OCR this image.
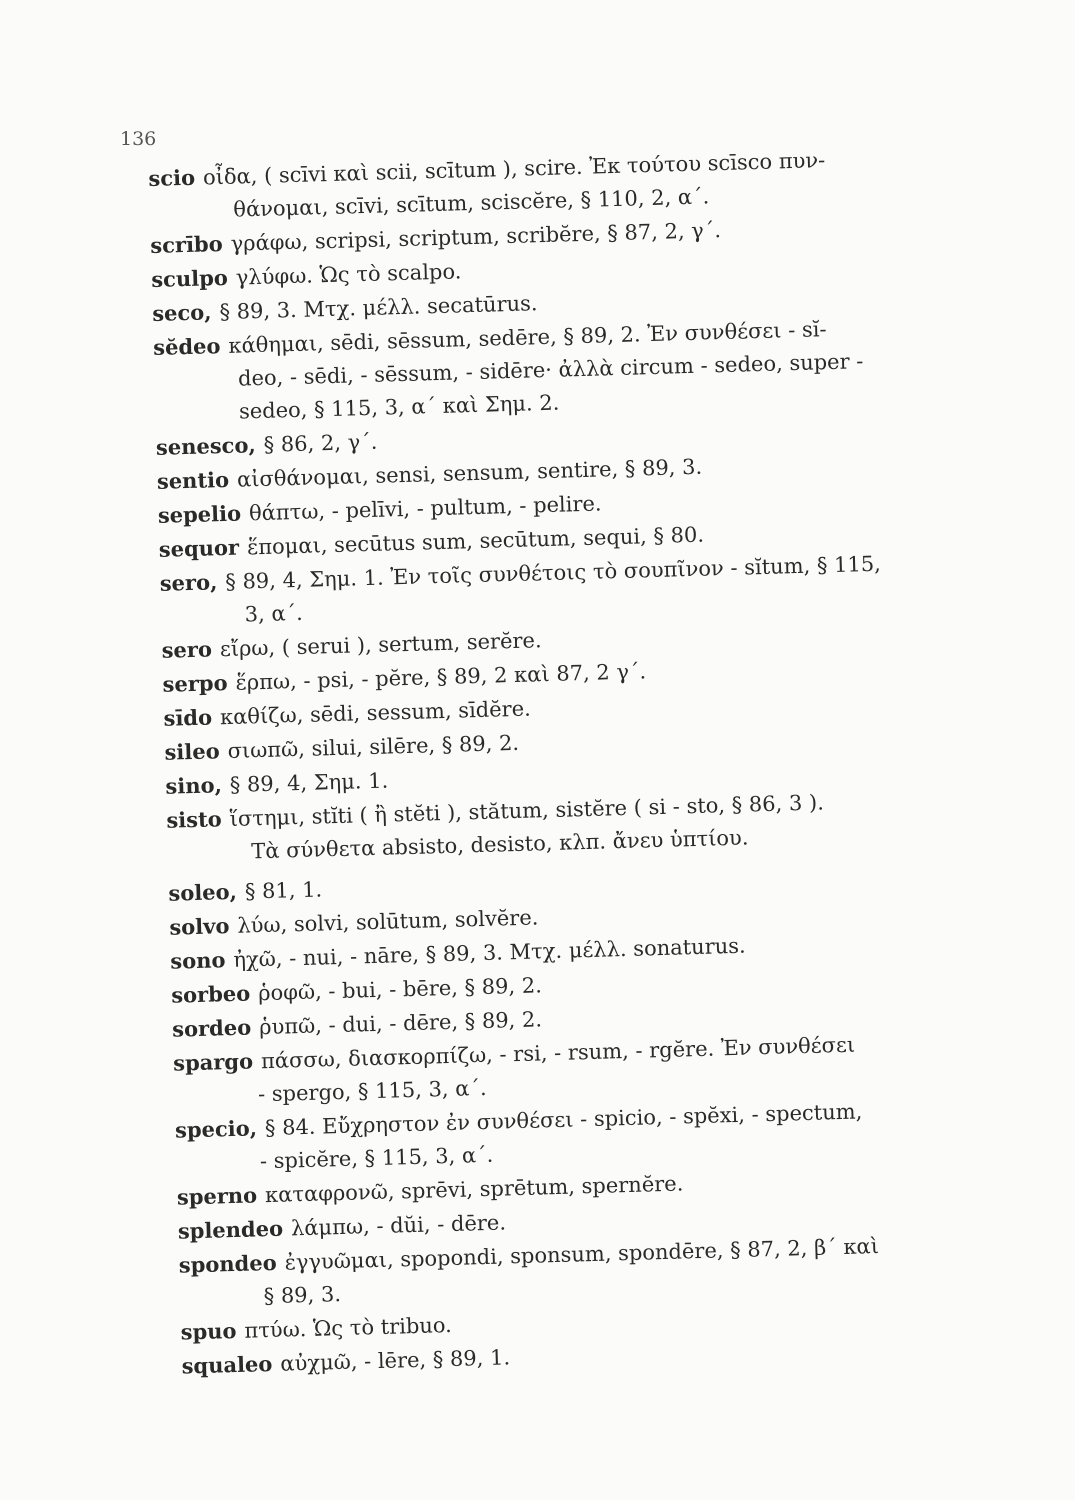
136
scio οἶδα, ( scīvi καὶ scii, scītum ), scire. Ἐκ τούτου scīsco πυν-
θάνομαι, scīvi, scītum, sciscĕre, § 110, 2, α΄.
scrībo γράφω, scripsi, scriptum, scribĕre, § 87, 2, γ΄.
sculpo γλύφω. Ὡς τὸ scalpo.
seco, § 89, 3. Μτχ. μέλλ. secatūrus.
sĕdeo κάθημαι, sēdi, sēssum, sedēre, § 89, 2. Ἐν συνθέσει - sĭ-
deo, - sēdi, - sēssum, - sidēre· ἀλλὰ circum - sedeo, super -
sedeo, § 115, 3, α΄ καὶ Σημ. 2.
senesco, § 86, 2, γ΄.
sentio αἰσθάνομαι, sensi, sensum, sentire, § 89, 3.
sepelio θάπτω, - pelīvi, - pultum, - pelire.
sequor ἕπομαι, secūtus sum, secūtum, sequi, § 80.
sero, § 89, 4, Σημ. 1. Ἐν τοῖς συνθέτοις τὸ σουπῖνον - sĭtum, § 115,
3, α΄.
sero εἴρω, ( serui ), sertum, serĕre.
serpo ἕρπω, - psi, - pĕre, § 89, 2 καὶ 87, 2 γ΄.
sīdo καθίζω, sēdi, sessum, sīdĕre.
sileo σιωπῶ, silui, silēre, § 89, 2.
sino, § 89, 4, Σημ. 1.
sisto ἵστημι, stĭti ( ἢ stĕti ), stătum, sistĕre ( si - sto, § 86, 3 ).
Τὰ σύνθετα absisto, desisto, κλπ. ἄνευ ὑπτίου.
soleo, § 81, 1.
solvo λύω, solvi, solūtum, solvĕre.
sono ἠχῶ, - nui, - nāre, § 89, 3. Μτχ. μέλλ. sonaturus.
sorbeo ῥοφῶ, - bui, - bēre, § 89, 2.
sordeo ῥυπῶ, - dui, - dēre, § 89, 2.
spargo πάσσω, διασκορπίζω, - rsi, - rsum, - rgĕre. Ἐν συνθέσει
- spergo, § 115, 3, α΄.
specio, § 84. Εὔχρηστον ἐν συνθέσει - spicio, - spĕxi, - spectum,
- spicĕre, § 115, 3, α΄.
sperno καταφρονῶ, sprēvi, sprētum, spernĕre.
splendeo λάμπω, - dŭi, - dēre.
spondeo ἐγγυῶμαι, spopondi, sponsum, spondēre, § 87, 2, β΄ καὶ
§ 89, 3.
spuo πτύω. Ὡς τὸ tribuo.
squaleo αὐχμῶ, - lēre, § 89, 1.
